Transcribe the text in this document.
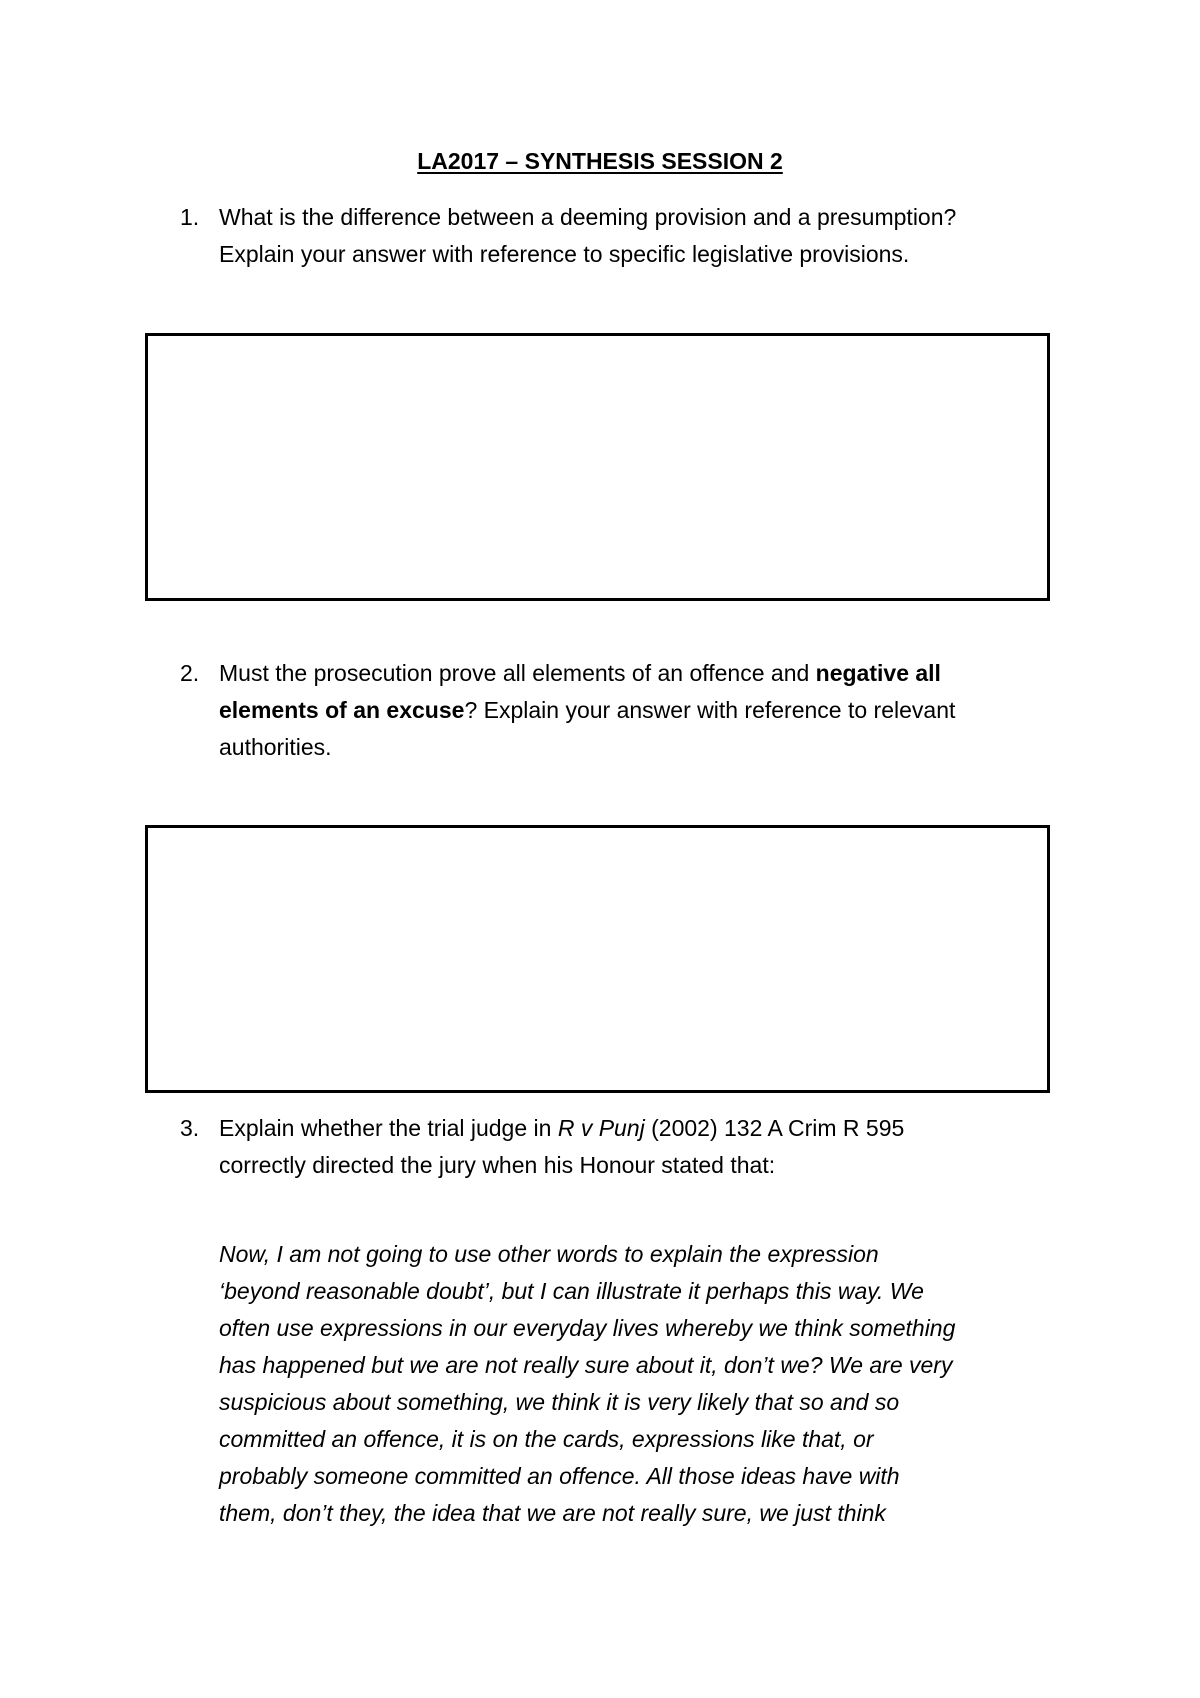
LA2017 – SYNTHESIS SESSION 2
1. What is the difference between a deeming provision and a presumption?
Explain your answer with reference to specific legislative provisions.
2. Must the prosecution prove all elements of an offence and negative all
elements of an excuse? Explain your answer with reference to relevant
authorities.
3. Explain whether the trial judge in R v Punj (2002) 132 A Crim R 595
correctly directed the jury when his Honour stated that:
Now, I am not going to use other words to explain the expression
‘beyond reasonable doubt’, but I can illustrate it perhaps this way. We
often use expressions in our everyday lives whereby we think something
has happened but we are not really sure about it, don’t we? We are very
suspicious about something, we think it is very likely that so and so
committed an offence, it is on the cards, expressions like that, or
probably someone committed an offence. All those ideas have with
them, don’t they, the idea that we are not really sure, we just think
